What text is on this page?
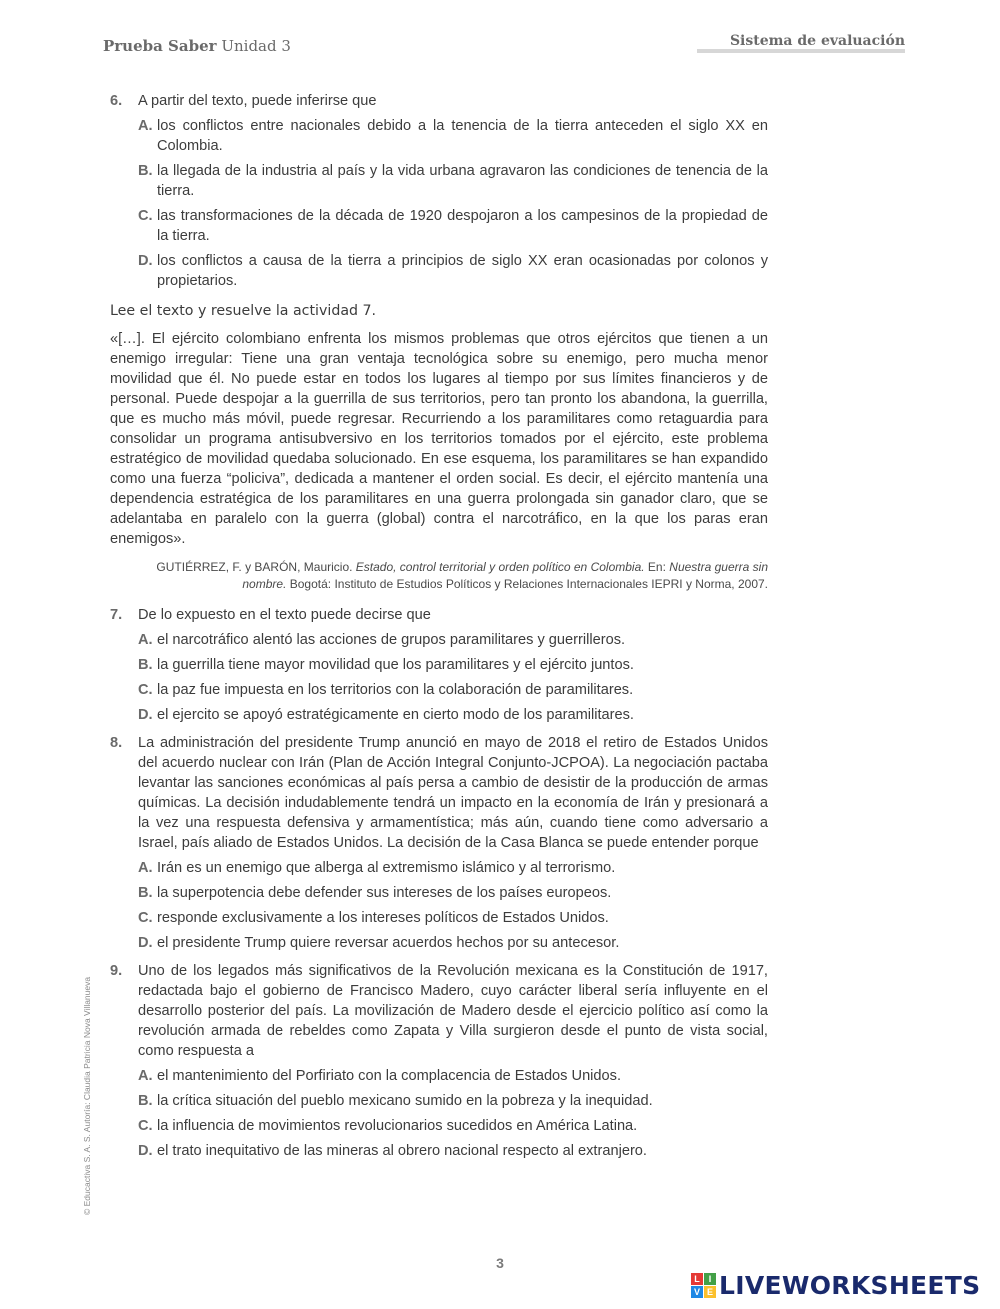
Prueba Saber Unidad 3	Sistema de evaluación
6. A partir del texto, puede inferirse que
A. los conflictos entre nacionales debido a la tenencia de la tierra anteceden el siglo XX en Colombia.
B. la llegada de la industria al país y la vida urbana agravaron las condiciones de tenencia de la tierra.
C. las transformaciones de la década de 1920 despojaron a los campesinos de la propiedad de la tierra.
D. los conflictos a causa de la tierra a principios de siglo XX eran ocasionadas por colonos y propietarios.
Lee el texto y resuelve la actividad 7.

«[…]. El ejército colombiano enfrenta los mismos problemas que otros ejércitos que tienen a un enemigo irregular: Tiene una gran ventaja tecnológica sobre su enemigo, pero mucha menor movilidad que él. No puede estar en todos los lugares al tiempo por sus límites financieros y de personal. Puede despojar a la guerrilla de sus territorios, pero tan pronto los abandona, la guerrilla, que es mucho más móvil, puede regresar. Recurriendo a los paramilitares como retaguardia para consolidar un programa antisubversivo en los territorios tomados por el ejército, este problema estratégico de movilidad quedaba solucionado. En ese esquema, los paramilitares se han expandido como una fuerza “policiva”, dedicada a mantener el orden social. Es decir, el ejército mantenía una dependencia estratégica de los paramilitares en una guerra prolongada sin ganador claro, que se adelantaba en paralelo con la guerra (global) contra el narcotráfico, en la que los paras eran enemigos».

GUTIÉRREZ, F. y BARÓN, Mauricio. Estado, control territorial y orden político en Colombia. En: Nuestra guerra sin nombre. Bogotá: Instituto de Estudios Políticos y Relaciones Internacionales IEPRI y Norma, 2007.
7. De lo expuesto en el texto puede decirse que
A. el narcotráfico alentó las acciones de grupos paramilitares y guerrilleros.
B. la guerrilla tiene mayor movilidad que los paramilitares y el ejército juntos.
C. la paz fue impuesta en los territorios con la colaboración de paramilitares.
D. el ejercito se apoyó estratégicamente en cierto modo de los paramilitares.
8. La administración del presidente Trump anunció en mayo de 2018 el retiro de Estados Unidos del acuerdo nuclear con Irán (Plan de Acción Integral Conjunto-JCPOA). La negociación pactaba levantar las sanciones económicas al país persa a cambio de desistir de la producción de armas químicas. La decisión indudablemente tendrá un impacto en la economía de Irán y presionará a la vez una respuesta defensiva y armamentística; más aún, cuando tiene como adversario a Israel, país aliado de Estados Unidos. La decisión de la Casa Blanca se puede entender porque
A. Irán es un enemigo que alberga al extremismo islámico y al terrorismo.
B. la superpotencia debe defender sus intereses de los países europeos.
C. responde exclusivamente a los intereses políticos de Estados Unidos.
D. el presidente Trump quiere reversar acuerdos hechos por su antecesor.
9. Uno de los legados más significativos de la Revolución mexicana es la Constitución de 1917, redactada bajo el gobierno de Francisco Madero, cuyo carácter liberal sería influyente en el desarrollo posterior del país. La movilización de Madero desde el ejercicio político así como la revolución armada de rebeldes como Zapata y Villa surgieron desde el punto de vista social, como respuesta a
A. el mantenimiento del Porfiriato con la complacencia de Estados Unidos.
B. la crítica situación del pueblo mexicano sumido en la pobreza y la inequidad.
C. la influencia de movimientos revolucionarios sucedidos en América Latina.
D. el trato inequitativo de las mineras al obrero nacional respecto al extranjero.
© Educactiva S. A. S. Autoría: Claudia Patricia Nova Villanueva
3
L I
V E LIVEWORKSHEETS
